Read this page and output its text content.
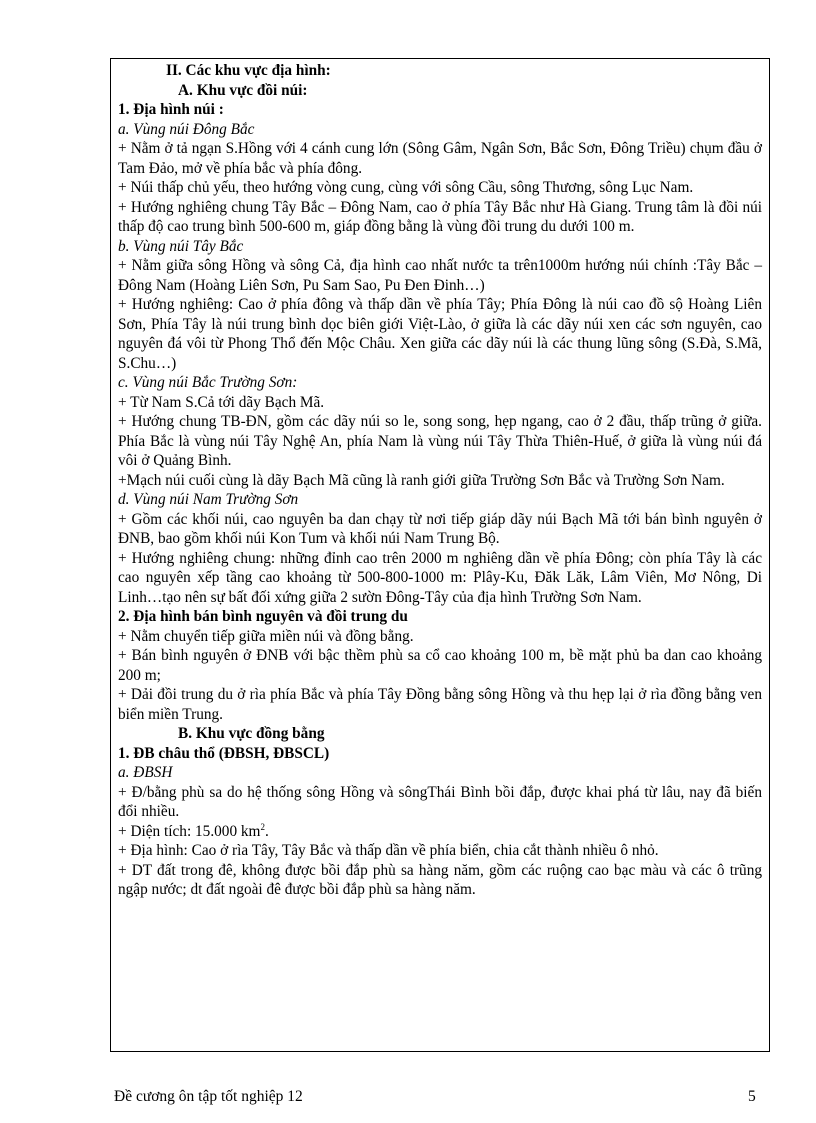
II. Các khu vực địa hình:

A. Khu vực đồi núi:

1. Địa hình núi :

a. Vùng núi Đông Bắc

+ Nằm ở tả ngạn S.Hồng với 4 cánh cung lớn (Sông Gâm, Ngân Sơn, Bắc Sơn, Đông Triều) chụm đầu ở Tam Đảo, mở về phía bắc và phía đông.

+ Núi thấp chủ yếu, theo hướng vòng cung, cùng với sông Cầu, sông Thương, sông Lục Nam.

+ Hướng nghiêng chung Tây Bắc – Đông Nam, cao ở phía Tây Bắc như Hà Giang. Trung tâm là đồi núi thấp độ cao trung bình 500-600 m, giáp đồng bằng là vùng đồi trung du dưới 100 m.

b. Vùng núi Tây Bắc

+ Nằm giữa sông Hồng và sông Cả, địa hình cao nhất nước ta trên1000m hướng núi chính :Tây Bắc – Đông Nam (Hoàng Liên Sơn, Pu Sam Sao, Pu Đen Đinh…)

+ Hướng nghiêng: Cao ở phía đông và thấp dần về phía Tây; Phía Đông là núi cao đồ sộ Hoàng Liên Sơn, Phía Tây là núi trung bình dọc biên giới Việt-Lào, ở giữa là các dãy núi xen các sơn nguyên, cao nguyên đá vôi từ Phong Thổ đến Mộc Châu. Xen giữa các dãy núi là các thung lũng sông (S.Đà, S.Mã, S.Chu…)

c. Vùng núi Bắc Trường Sơn:

+ Từ Nam S.Cả tới dãy Bạch Mã.

+ Hướng chung TB-ĐN, gồm các dãy núi so le, song song, hẹp ngang, cao ở 2 đầu, thấp trũng ở giữa. Phía Bắc là vùng núi Tây Nghệ An, phía Nam là vùng núi Tây Thừa Thiên-Huế, ở giữa là vùng núi đá vôi ở Quảng Bình.

+Mạch núi cuối cùng là dãy Bạch Mã cũng là ranh giới giữa Trường Sơn Bắc và Trường Sơn Nam.

d. Vùng núi Nam Trường Sơn

+ Gồm các khối núi, cao nguyên ba dan chạy từ nơi tiếp giáp dãy núi Bạch Mã tới bán bình nguyên ở ĐNB, bao gồm khối núi Kon Tum và khối núi Nam Trung Bộ.

+ Hướng nghiêng chung: những đỉnh cao trên 2000 m nghiêng dần về phía Đông; còn phía Tây là các cao nguyên xếp tầng cao khoảng từ 500-800-1000 m: Plây-Ku, Đăk Lăk, Lâm Viên, Mơ Nông, Di Linh…tạo nên sự bất đối xứng giữa 2 sườn Đông-Tây của địa hình Trường Sơn Nam.

2. Địa hình bán bình nguyên và đồi trung du

+ Nằm chuyển tiếp giữa miền núi và đồng bằng.

+ Bán bình nguyên ở ĐNB với bậc thềm phù sa cổ cao khoảng 100 m, bề mặt phủ ba dan cao khoảng 200 m;

+ Dải đồi trung du ở rìa phía Bắc và phía Tây Đồng bằng sông Hồng và thu hẹp lại ở rìa đồng bằng ven biển miền Trung.

B. Khu vực đồng bằng

1. ĐB châu thổ (ĐBSH, ĐBSCL)

a. ĐBSH

+ Đ/bằng phù sa do hệ thống sông Hồng và sôngThái Bình bồi đắp, được khai phá từ lâu, nay đã biến đổi nhiều.

+ Diện tích: 15.000 $km^2$.

+ Địa hình: Cao ở rìa Tây, Tây Bắc và thấp dần về phía biển, chia cắt thành nhiều ô nhỏ.

+ DT đất trong đê, không được bồi đắp phù sa hàng năm, gồm các ruộng cao bạc màu và các ô trũng ngập nước; dt đất ngoài đê được bồi đắp phù sa hàng năm.

Đề cương ôn tập tốt nghiệp 12	5
